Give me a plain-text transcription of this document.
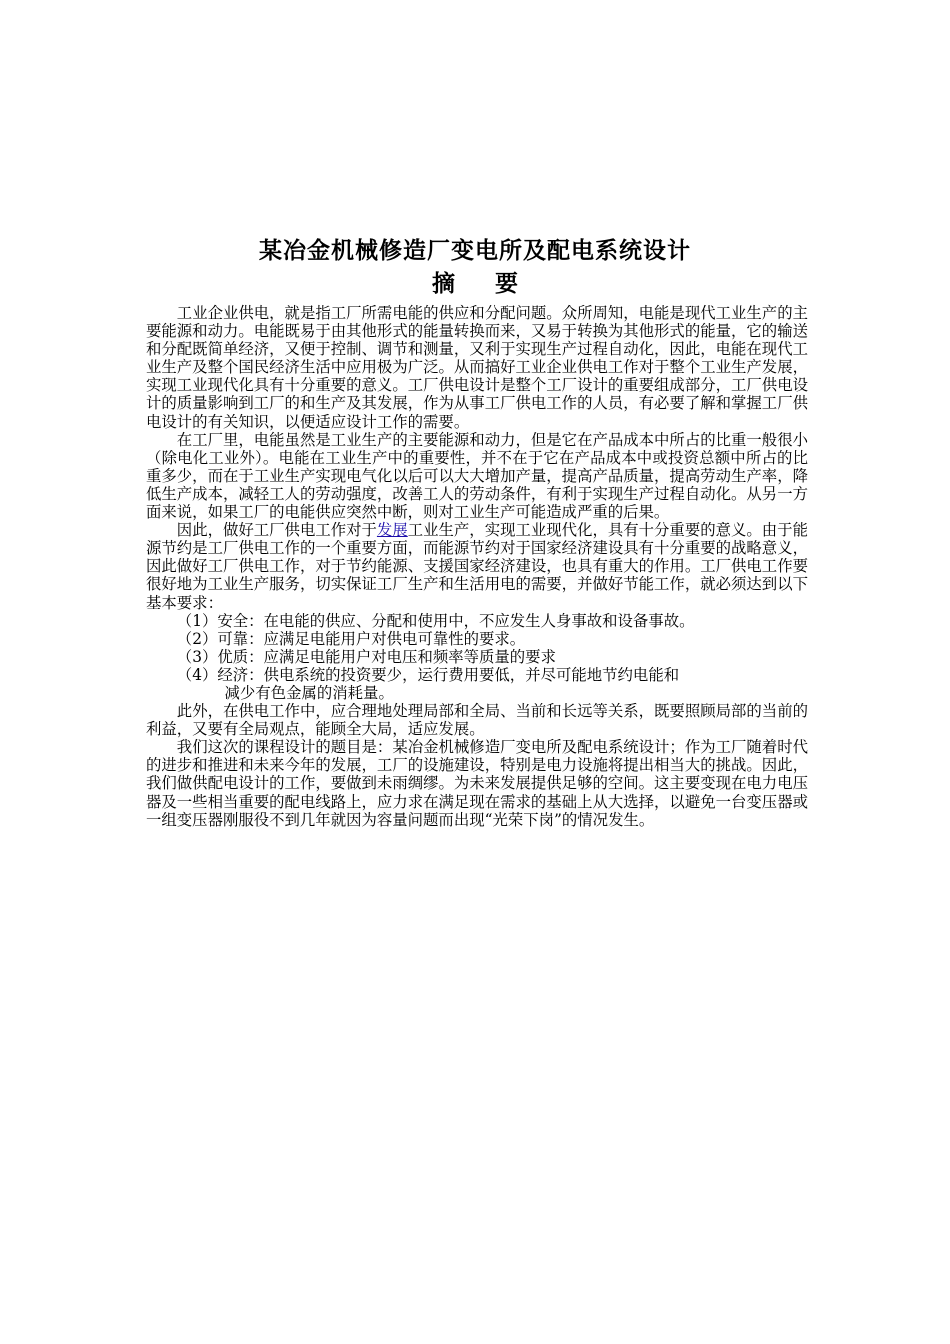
某冶金机械修造厂变电所及配电系统设计
摘 要

工业企业供电，就是指工厂所需电能的供应和分配问题。众所周知，电能是现代工业生产的主要能源和动力。电能既易于由其他形式的能量转换而来，又易于转换为其他形式的能量，它的输送和分配既简单经济，又便于控制、调节和测量，又利于实现生产过程自动化，因此，电能在现代工业生产及整个国民经济生活中应用极为广泛。从而搞好工业企业供电工作对于整个工业生产发展，实现工业现代化具有十分重要的意义。工厂供电设计是整个工厂设计的重要组成部分，工厂供电设计的质量影响到工厂的和生产及其发展，作为从事工厂供电工作的人员，有必要了解和掌握工厂供电设计的有关知识，以便适应设计工作的需要。

在工厂里，电能虽然是工业生产的主要能源和动力，但是它在产品成本中所占的比重一般很小（除电化工业外）。电能在工业生产中的重要性，并不在于它在产品成本中或投资总额中所占的比重多少，而在于工业生产实现电气化以后可以大大增加产量，提高产品质量，提高劳动生产率，降低生产成本，减轻工人的劳动强度，改善工人的劳动条件，有利于实现生产过程自动化。从另一方面来说，如果工厂的电能供应突然中断，则对工业生产可能造成严重的后果。

因此，做好工厂供电工作对于发展工业生产，实现工业现代化，具有十分重要的意义。由于能源节约是工厂供电工作的一个重要方面，而能源节约对于国家经济建设具有十分重要的战略意义，因此做好工厂供电工作，对于节约能源、支援国家经济建设，也具有重大的作用。工厂供电工作要很好地为工业生产服务，切实保证工厂生产和生活用电的需要，并做好节能工作，就必须达到以下基本要求：

（1）安全：在电能的供应、分配和使用中，不应发生人身事故和设备事故。
（2）可靠：应满足电能用户对供电可靠性的要求。
（3）优质：应满足电能用户对电压和频率等质量的要求
（4）经济：供电系统的投资要少，运行费用要低，并尽可能地节约电能和
减少有色金属的消耗量。

此外，在供电工作中，应合理地处理局部和全局、当前和长远等关系，既要照顾局部的当前的利益，又要有全局观点，能顾全大局，适应发展。

我们这次的课程设计的题目是：某冶金机械修造厂变电所及配电系统设计；作为工厂随着时代的进步和推进和未来今年的发展，工厂的设施建设，特别是电力设施将提出相当大的挑战。因此，我们做供配电设计的工作，要做到未雨绸缪。为未来发展提供足够的空间。这主要变现在电力电压器及一些相当重要的配电线路上，应力求在满足现在需求的基础上从大选择，以避免一台变压器或一组变压器刚服役不到几年就因为容量问题而出现“光荣下岗”的情况发生。
